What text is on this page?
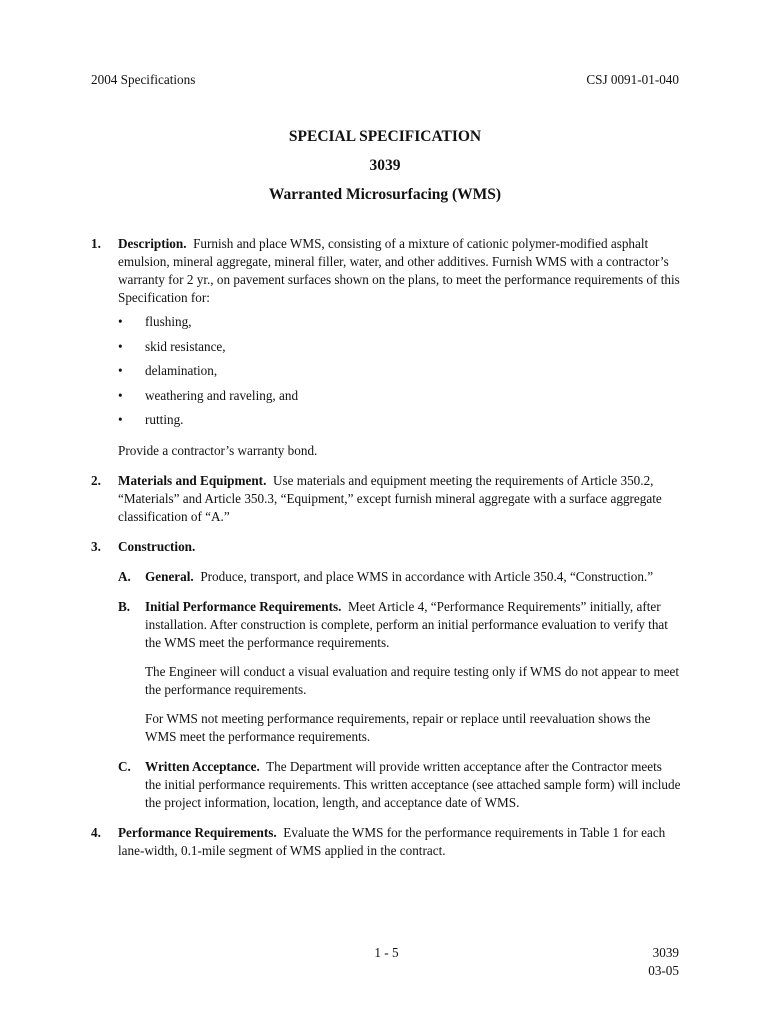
2004 Specifications	CSJ 0091-01-040
SPECIAL SPECIFICATION
3039
Warranted Microsurfacing (WMS)
1.	Description. Furnish and place WMS, consisting of a mixture of cationic polymer-modified asphalt emulsion, mineral aggregate, mineral filler, water, and other additives. Furnish WMS with a contractor’s warranty for 2 yr., on pavement surfaces shown on the plans, to meet the performance requirements of this Specification for:
•	flushing,
•	skid resistance,
•	delamination,
•	weathering and raveling, and
•	rutting.
Provide a contractor’s warranty bond.
2.	Materials and Equipment. Use materials and equipment meeting the requirements of Article 350.2, “Materials” and Article 350.3, “Equipment,” except furnish mineral aggregate with a surface aggregate classification of “A.”
3.	Construction.
A.	General. Produce, transport, and place WMS in accordance with Article 350.4, “Construction.”
B.	Initial Performance Requirements. Meet Article 4, “Performance Requirements” initially, after installation. After construction is complete, perform an initial performance evaluation to verify that the WMS meet the performance requirements.
The Engineer will conduct a visual evaluation and require testing only if WMS do not appear to meet the performance requirements.
For WMS not meeting performance requirements, repair or replace until reevaluation shows the WMS meet the performance requirements.
C.	Written Acceptance. The Department will provide written acceptance after the Contractor meets the initial performance requirements. This written acceptance (see attached sample form) will include the project information, location, length, and acceptance date of WMS.
4.	Performance Requirements. Evaluate the WMS for the performance requirements in Table 1 for each lane-width, 0.1-mile segment of WMS applied in the contract.
1 - 5	3039
03-05
